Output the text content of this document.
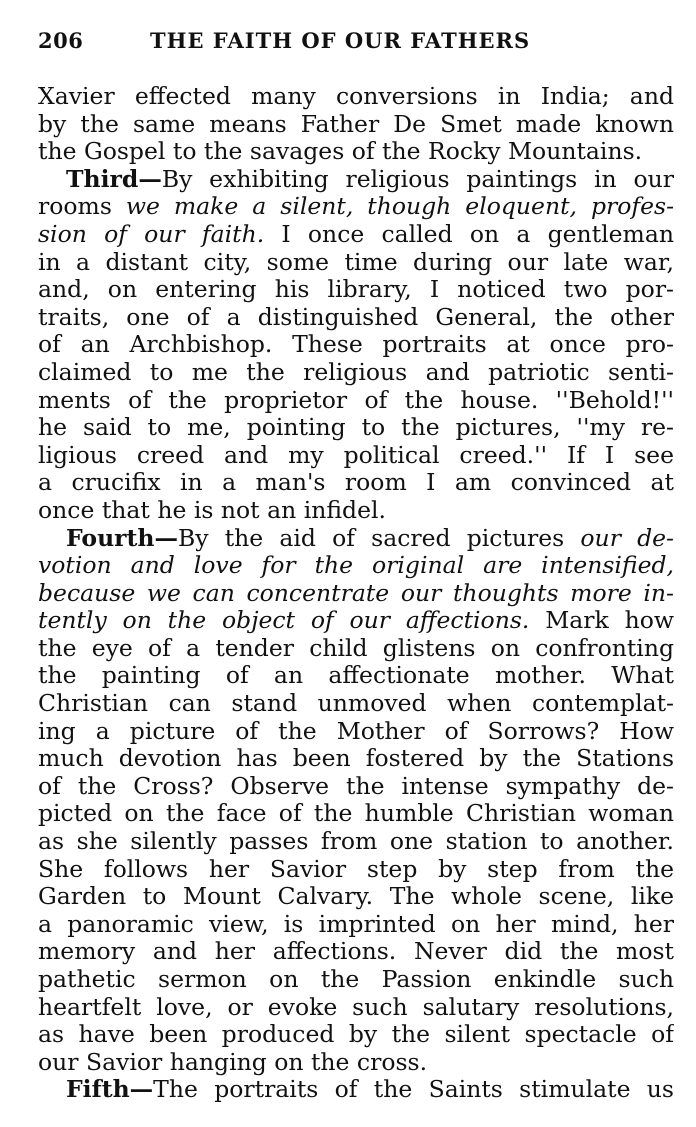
206	THE FAITH OF OUR FATHERS
Xavier effected many conversions in India; and
by the same means Father De Smet made known
the Gospel to the savages of the Rocky Mountains.
Third—By exhibiting religious paintings in our
rooms we make a silent, though eloquent, profes-
sion of our faith. I once called on a gentleman
in a distant city, some time during our late war,
and, on entering his library, I noticed two por-
traits, one of a distinguished General, the other
of an Archbishop. These portraits at once pro-
claimed to me the religious and patriotic senti-
ments of the proprietor of the house. ''Behold!''
he said to me, pointing to the pictures, ''my re-
ligious creed and my political creed.'' If I see
a crucifix in a man's room I am convinced at
once that he is not an infidel.
Fourth—By the aid of sacred pictures our de-
votion and love for the original are intensified,
because we can concentrate our thoughts more in-
tently on the object of our affections. Mark how
the eye of a tender child glistens on confronting
the painting of an affectionate mother. What
Christian can stand unmoved when contemplat-
ing a picture of the Mother of Sorrows? How
much devotion has been fostered by the Stations
of the Cross? Observe the intense sympathy de-
picted on the face of the humble Christian woman
as she silently passes from one station to another.
She follows her Savior step by step from the
Garden to Mount Calvary. The whole scene, like
a panoramic view, is imprinted on her mind, her
memory and her affections. Never did the most
pathetic sermon on the Passion enkindle such
heartfelt love, or evoke such salutary resolutions,
as have been produced by the silent spectacle of
our Savior hanging on the cross.
Fifth—The portraits of the Saints stimulate us
